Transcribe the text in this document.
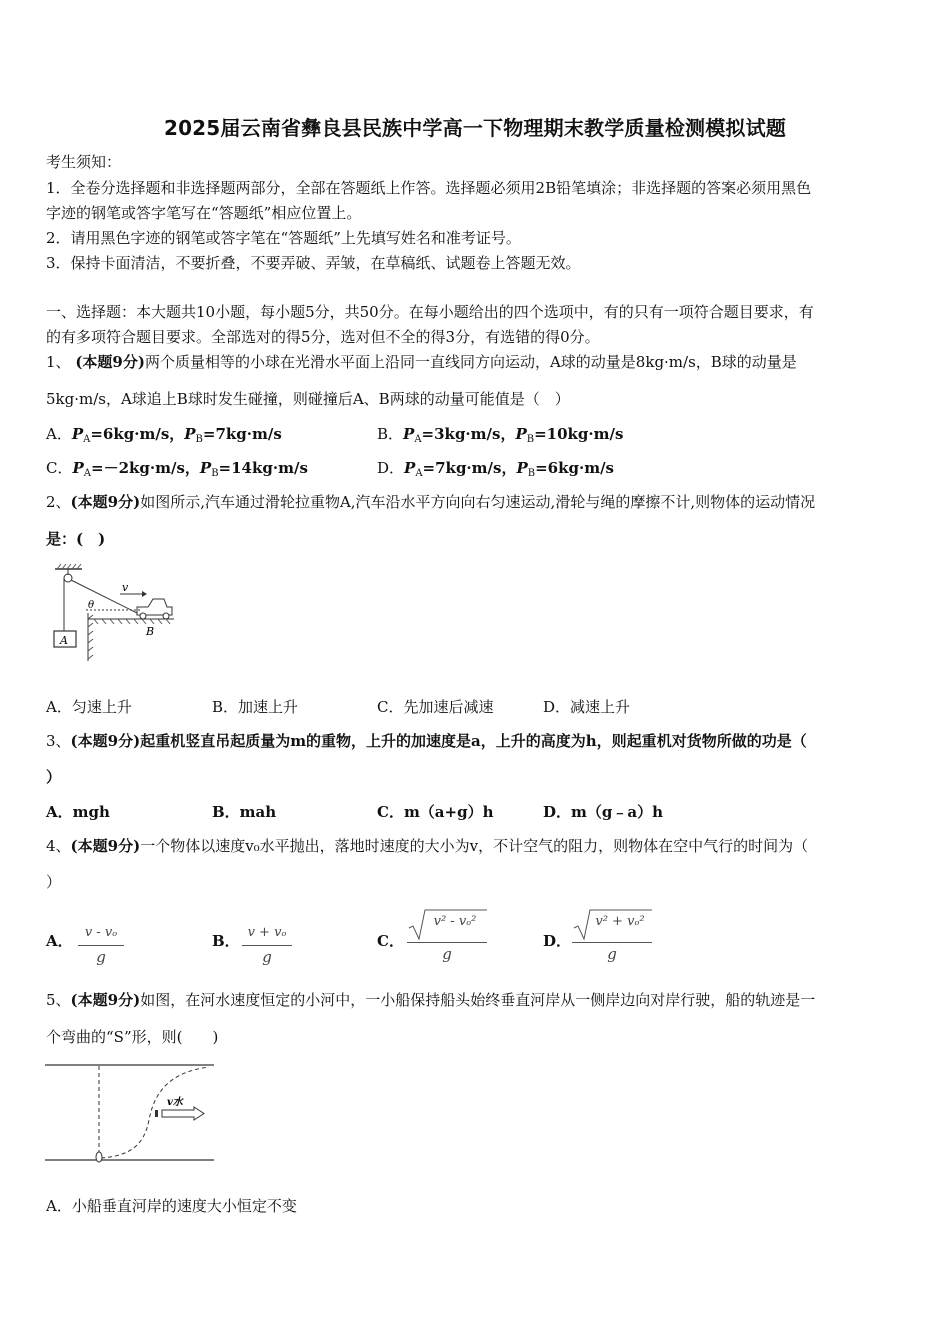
2025届云南省彝良县民族中学高一下物理期末教学质量检测模拟试题
考生须知：
1．全卷分选择题和非选择题两部分，全部在答题纸上作答。选择题必须用2B铅笔填涂；非选择题的答案必须用黑色
字迹的钢笔或答字笔写在“答题纸”相应位置上。
2．请用黑色字迹的钢笔或答字笔在“答题纸”上先填写姓名和准考证号。
3．保持卡面清洁，不要折叠，不要弄破、弄皱，在草稿纸、试题卷上答题无效。
一、选择题：本大题共10小题，每小题5分，共50分。在每小题给出的四个选项中，有的只有一项符合题目要求，有
的有多项符合题目要求。全部选对的得5分，选对但不全的得3分，有选错的得0分。
1、 (本题9分)两个质量相等的小球在光滑水平面上沿同一直线同方向运动，A球的动量是8kg·m/s，B球的动量是
5kg·m/s，A球追上B球时发生碰撞，则碰撞后A、B两球的动量可能值是（　）
A．$P_A=6kg\cdot m/s$，$P_B=7kg\cdot m/s$	B．$P_A=3kg\cdot m/s$，$P_B=10kg\cdot m/s$
C．$P_A=-2kg\cdot m/s$，$P_B=14kg\cdot m/s$	D．$P_A=7kg\cdot m/s$，$P_B=6kg\cdot m/s$
2、(本题9分)如图所示,汽车通过滑轮拉重物A,汽车沿水平方向向右匀速运动,滑轮与绳的摩擦不计,则物体的运动情况
是：(　)
A
θ
B
v
A．匀速上升	B．加速上升	C．先加速后减速	D．减速上升
3、(本题9分)起重机竖直吊起质量为m的重物，上升的加速度是a，上升的高度为h，则起重机对货物所做的功是（
）
A．mgh	B．mah	C．m（a+g）h	D．m（g﹣a）h
4、(本题9分)一个物体以速度v₀水平抛出，落地时速度的大小为v，不计空气的阻力，则物体在空中气行的时间为（
）
A． v - vₒ
g
B． v + vₒ
g
C．
v² - vₒ²
g
D．
v² + vₒ²
g
5、(本题9分)如图，在河水速度恒定的小河中，一小船保持船头始终垂直河岸从一侧岸边向对岸行驶，船的轨迹是一
个弯曲的“S”形，则(　　)
v水
A．小船垂直河岸的速度大小恒定不变
